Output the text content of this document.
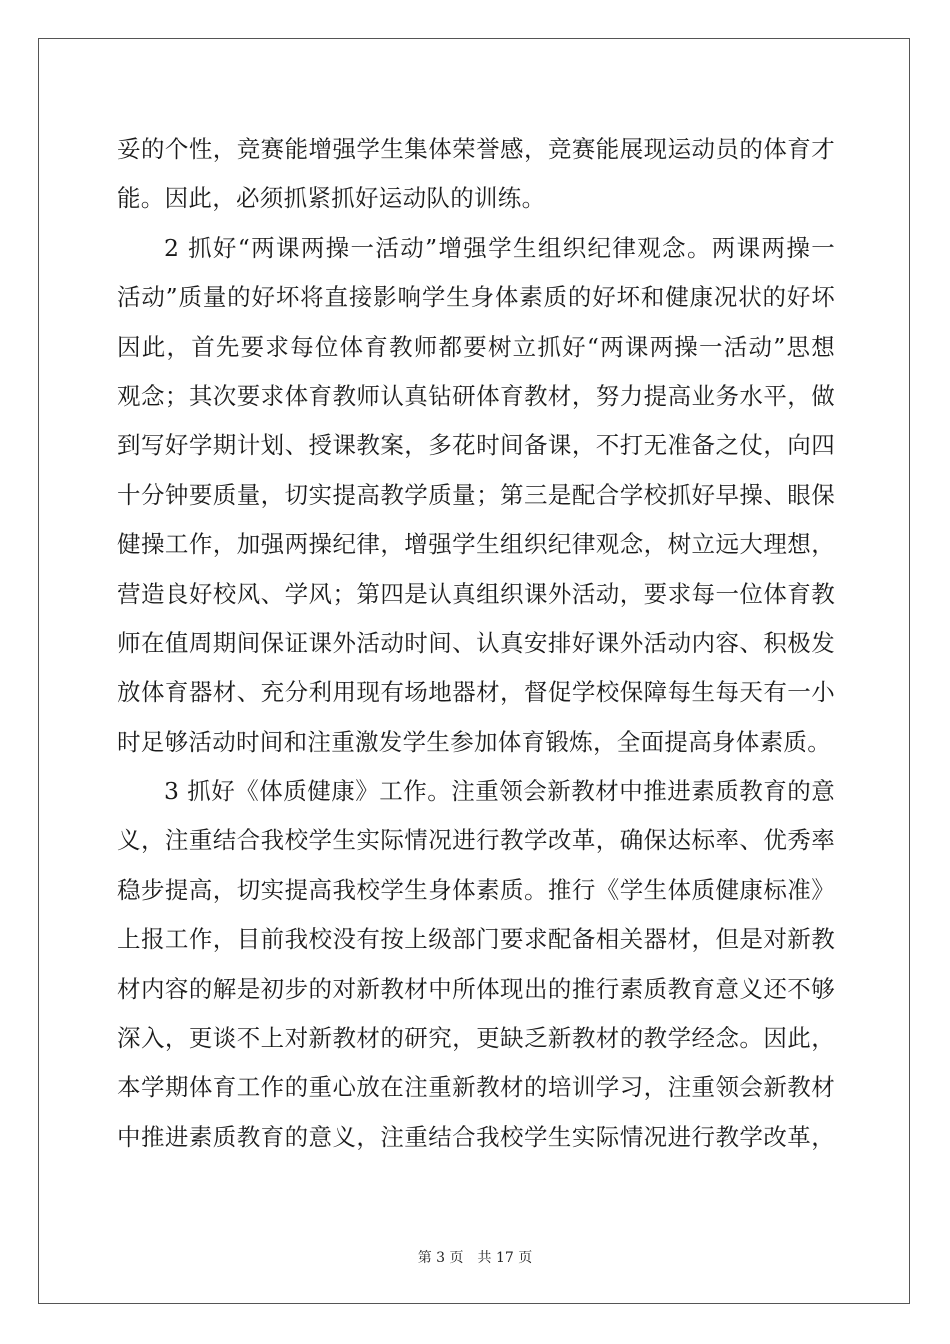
妥的个性，竞赛能增强学生集体荣誉感，竞赛能展现运动员的体育才
能。因此，必须抓紧抓好运动队的训练。
2 抓好“两课两操一活动”增强学生组织纪律观念。两课两操一
活动”质量的好坏将直接影响学生身体素质的好坏和健康况状的好坏
因此，首先要求每位体育教师都要树立抓好“两课两操一活动”思想
观念；其次要求体育教师认真钻研体育教材，努力提高业务水平，做
到写好学期计划、授课教案，多花时间备课，不打无准备之仗，向四
十分钟要质量，切实提高教学质量；第三是配合学校抓好早操、眼保
健操工作，加强两操纪律，增强学生组织纪律观念，树立远大理想，
营造良好校风、学风；第四是认真组织课外活动，要求每一位体育教
师在值周期间保证课外活动时间、认真安排好课外活动内容、积极发
放体育器材、充分利用现有场地器材，督促学校保障每生每天有一小
时足够活动时间和注重激发学生参加体育锻炼，全面提高身体素质。
3 抓好《体质健康》工作。注重领会新教材中推进素质教育的意
义，注重结合我校学生实际情况进行教学改革，确保达标率、优秀率
稳步提高，切实提高我校学生身体素质。推行《学生体质健康标准》
上报工作，目前我校没有按上级部门要求配备相关器材，但是对新教
材内容的解是初步的对新教材中所体现出的推行素质教育意义还不够
深入，更谈不上对新教材的研究，更缺乏新教材的教学经念。因此，
本学期体育工作的重心放在注重新教材的培训学习，注重领会新教材
中推进素质教育的意义，注重结合我校学生实际情况进行教学改革，
第 3 页 共 17 页
